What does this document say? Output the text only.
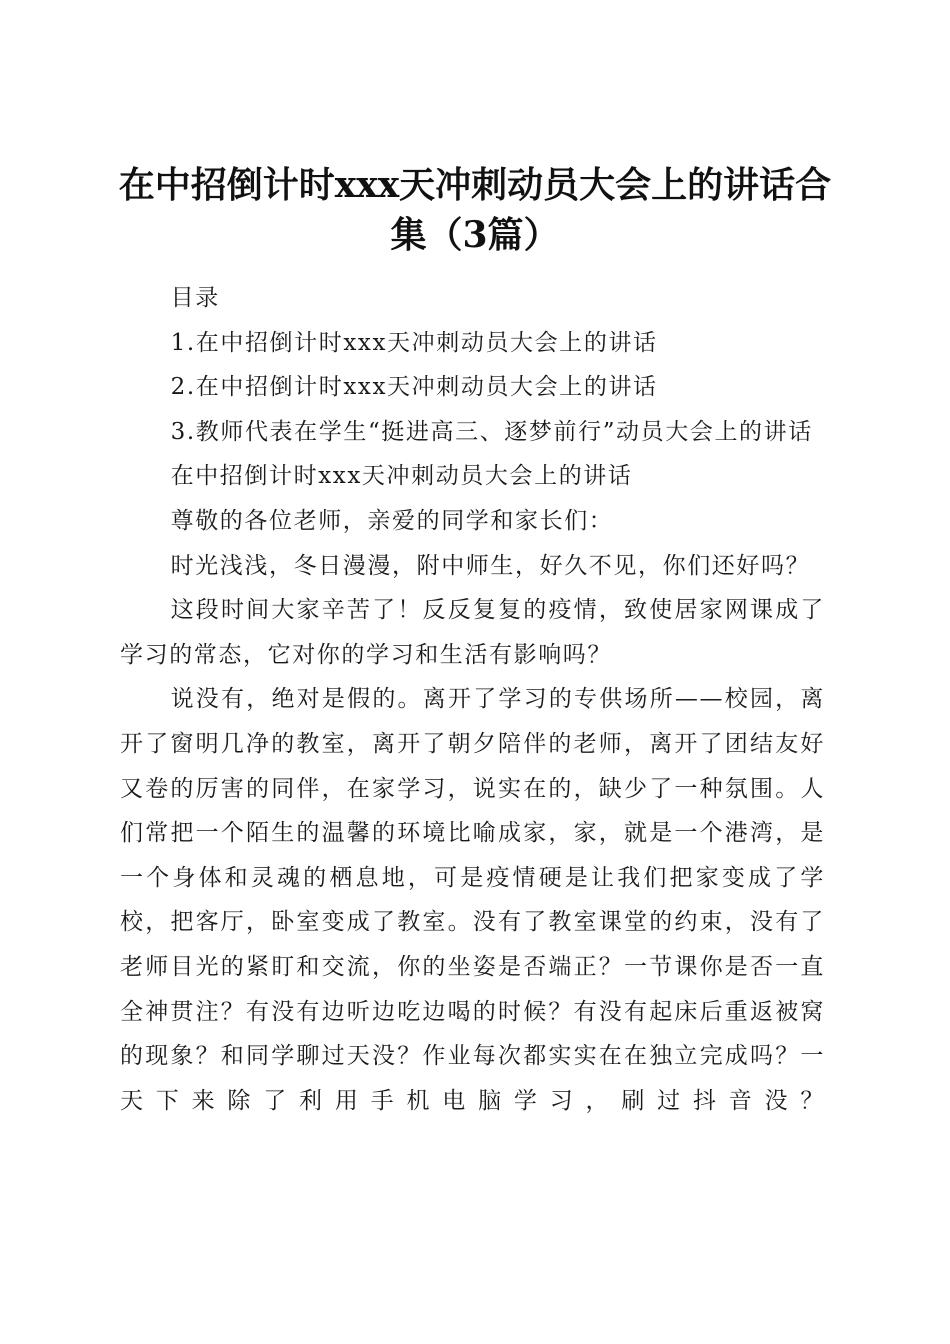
在中招倒计时xxx天冲刺动员大会上的讲话合集（3篇）

目录

1.在中招倒计时xxx天冲刺动员大会上的讲话

2.在中招倒计时xxx天冲刺动员大会上的讲话

3.教师代表在学生“挺进高三、逐梦前行”动员大会上的讲话

在中招倒计时xxx天冲刺动员大会上的讲话

尊敬的各位老师，亲爱的同学和家长们：

时光浅浅，冬日漫漫，附中师生，好久不见，你们还好吗？

这段时间大家辛苦了！反反复复的疫情，致使居家网课成了学习的常态，它对你的学习和生活有影响吗？

说没有，绝对是假的。离开了学习的专供场所——校园，离开了窗明几净的教室，离开了朝夕陪伴的老师，离开了团结友好又卷的厉害的同伴，在家学习，说实在的，缺少了一种氛围。人们常把一个陌生的温馨的环境比喻成家，家，就是一个港湾，是一个身体和灵魂的栖息地，可是疫情硬是让我们把家变成了学校，把客厅，卧室变成了教室。没有了教室课堂的约束，没有了老师目光的紧盯和交流，你的坐姿是否端正？一节课你是否一直全神贯注？有没有边听边吃边喝的时候？有没有起床后重返被窝的现象？和同学聊过天没？作业每次都实实在在独立完成吗？一天下来除了利用手机电脑学习，刷过抖音没？
